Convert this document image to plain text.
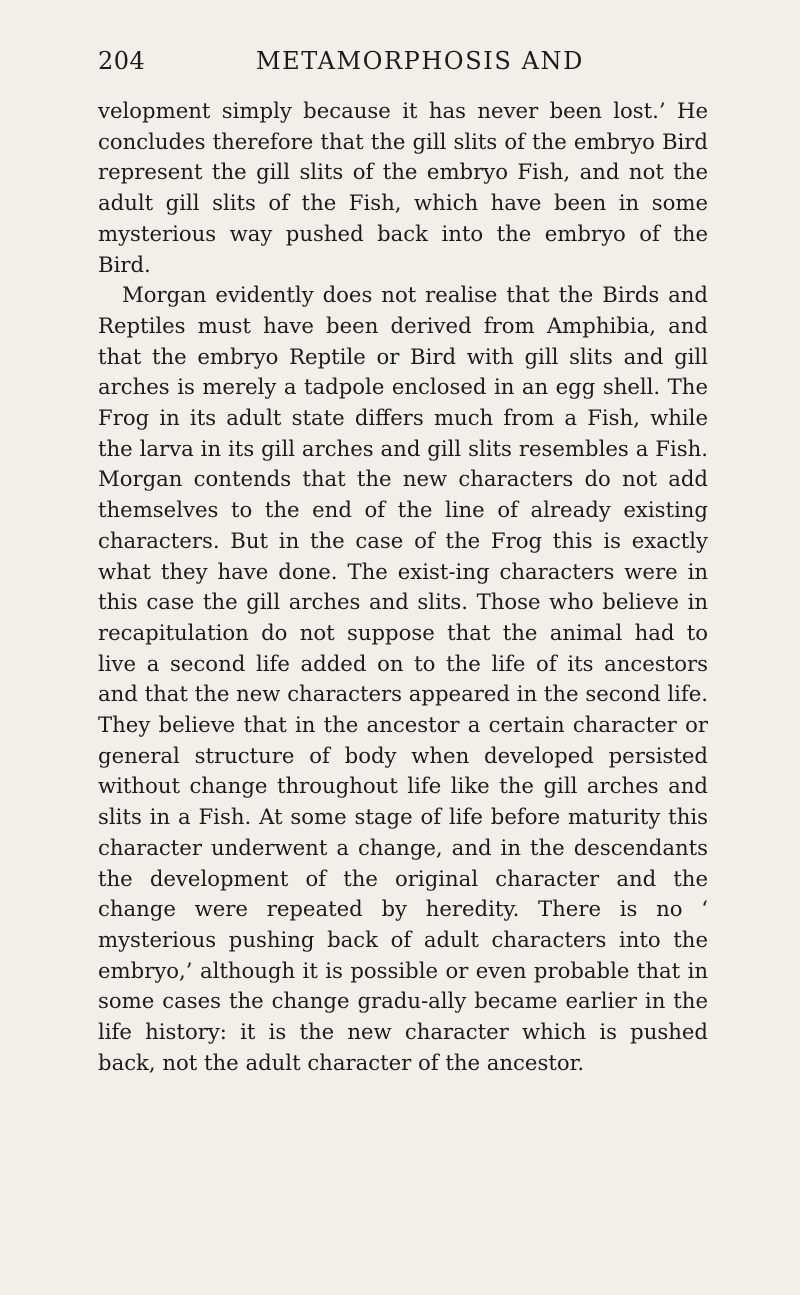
204	METAMORPHOSIS AND

velopment simply because it has never been lost.’ He concludes therefore that the gill slits of the embryo Bird represent the gill slits of the embryo Fish, and not the adult gill slits of the Fish, which have been in some mysterious way pushed back into the embryo of the Bird.

Morgan evidently does not realise that the Birds and Reptiles must have been derived from Amphibia, and that the embryo Reptile or Bird with gill slits and gill arches is merely a tadpole enclosed in an egg shell. The Frog in its adult state differs much from a Fish, while the larva in its gill arches and gill slits resembles a Fish. Morgan contends that the new characters do not add themselves to the end of the line of already existing characters. But in the case of the Frog this is exactly what they have done. The exist-ing characters were in this case the gill arches and slits. Those who believe in recapitulation do not suppose that the animal had to live a second life added on to the life of its ancestors and that the new characters appeared in the second life. They believe that in the ancestor a certain character or general structure of body when developed persisted without change throughout life like the gill arches and slits in a Fish. At some stage of life before maturity this character underwent a change, and in the descendants the development of the original character and the change were repeated by heredity. There is no ‘ mysterious pushing back of adult characters into the embryo,’ although it is possible or even probable that in some cases the change gradu-ally became earlier in the life history: it is the new character which is pushed back, not the adult character of the ancestor.
